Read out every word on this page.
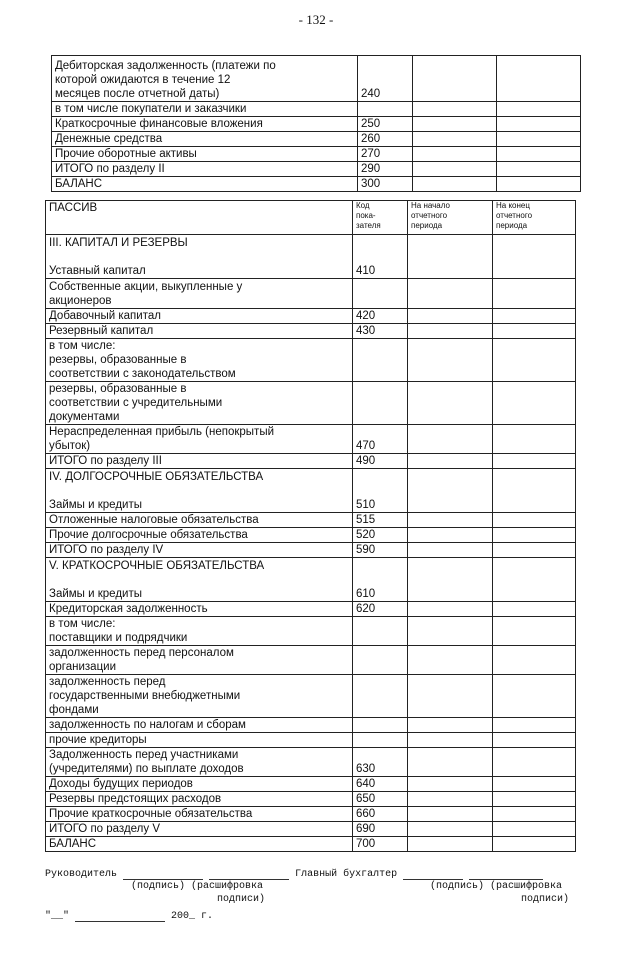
- 132 -
Дебиторская задолженность (платежи по
которой ожидаются в течение 12
месяцев после отчетной даты)	240		
в том числе покупатели и заказчики			
Краткосрочные финансовые вложения	250		
Денежные средства	260		
Прочие оборотные активы	270		
ИТОГО по разделу II	290		
БАЛАНС	300		
ПАССИВ	Код
пока-
зателя	На начало
отчетного
периода	На конец
отчетного
периода
III. КАПИТАЛ И РЕЗЕРВЫ

Уставный капитал	410		
Собственные акции, выкупленные у
акционеров			
Добавочный капитал	420		
Резервный капитал	430		
в том числе:
резервы, образованные в
соответствии с законодательством			
резервы, образованные в
соответствии с учредительными
документами			
Нераспределенная прибыль (непокрытый
убыток)	470		
ИТОГО по разделу III	490		
IV. ДОЛГОСРОЧНЫЕ ОБЯЗАТЕЛЬСТВА

Займы и кредиты	510		
Отложенные налоговые обязательства	515		
Прочие долгосрочные обязательства	520		
ИТОГО по разделу IV	590		
V. КРАТКОСРОЧНЫЕ ОБЯЗАТЕЛЬСТВА

Займы и кредиты	610		
Кредиторская задолженность	620		
в том числе:
поставщики и подрядчики			
задолженность перед персоналом
организации			
задолженность перед
государственными внебюджетными
фондами			
задолженность по налогам и сборам			
прочие кредиторы			
Задолженность перед участниками
(учредителями) по выплате доходов	630		
Доходы будущих периодов	640		
Резервы предстоящих расходов	650		
Прочие краткосрочные обязательства	660		
ИТОГО по разделу V	690		
БАЛАНС	700		
Руководитель	Главный бухгалтер
(подпись) (расшифровка
подписи)
(подпись) (расшифровка
подписи)
"__"	200_ г.
